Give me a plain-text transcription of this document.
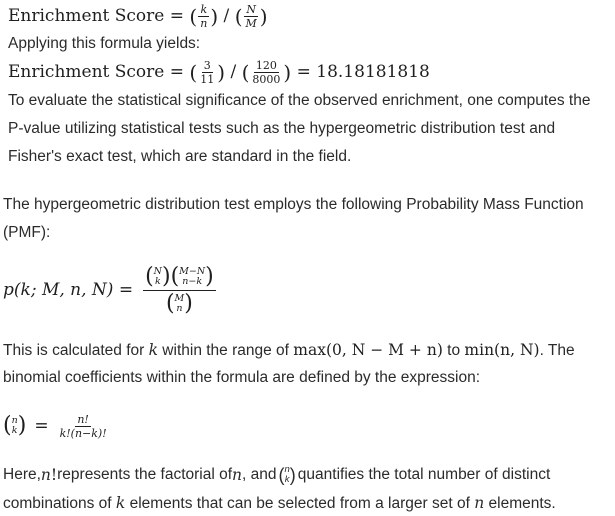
Enrichment Score = ( $\frac{k}{n}$ ) / ( $\frac{N}{M}$ )
Applying this formula yields:
Enrichment Score = ( $\frac{3}{11}$ ) / ( $\frac{120}{8000}$ ) = 18.18181818
To evaluate the statistical significance of the observed enrichment, one computes the
P-value utilizing statistical tests such as the hypergeometric distribution test and
Fisher's exact test, which are standard in the field.
The hypergeometric distribution test employs the following Probability Mass Function
(PMF):
p(k; M, n, N) = ( N
k ) ( M−N
n−k )
( M
n )
This is calculated for k within the range of max(0, N − M + n) to min(n, N). The
binomial coefficients within the formula are defined by the expression:
( n
k ) = $\frac{n!}{k!(n-k)!}$
Here, n ! represents the factorial of n , and ( n
k ) quantifies the total number of distinct
combinations of k elements that can be selected from a larger set of n elements.
